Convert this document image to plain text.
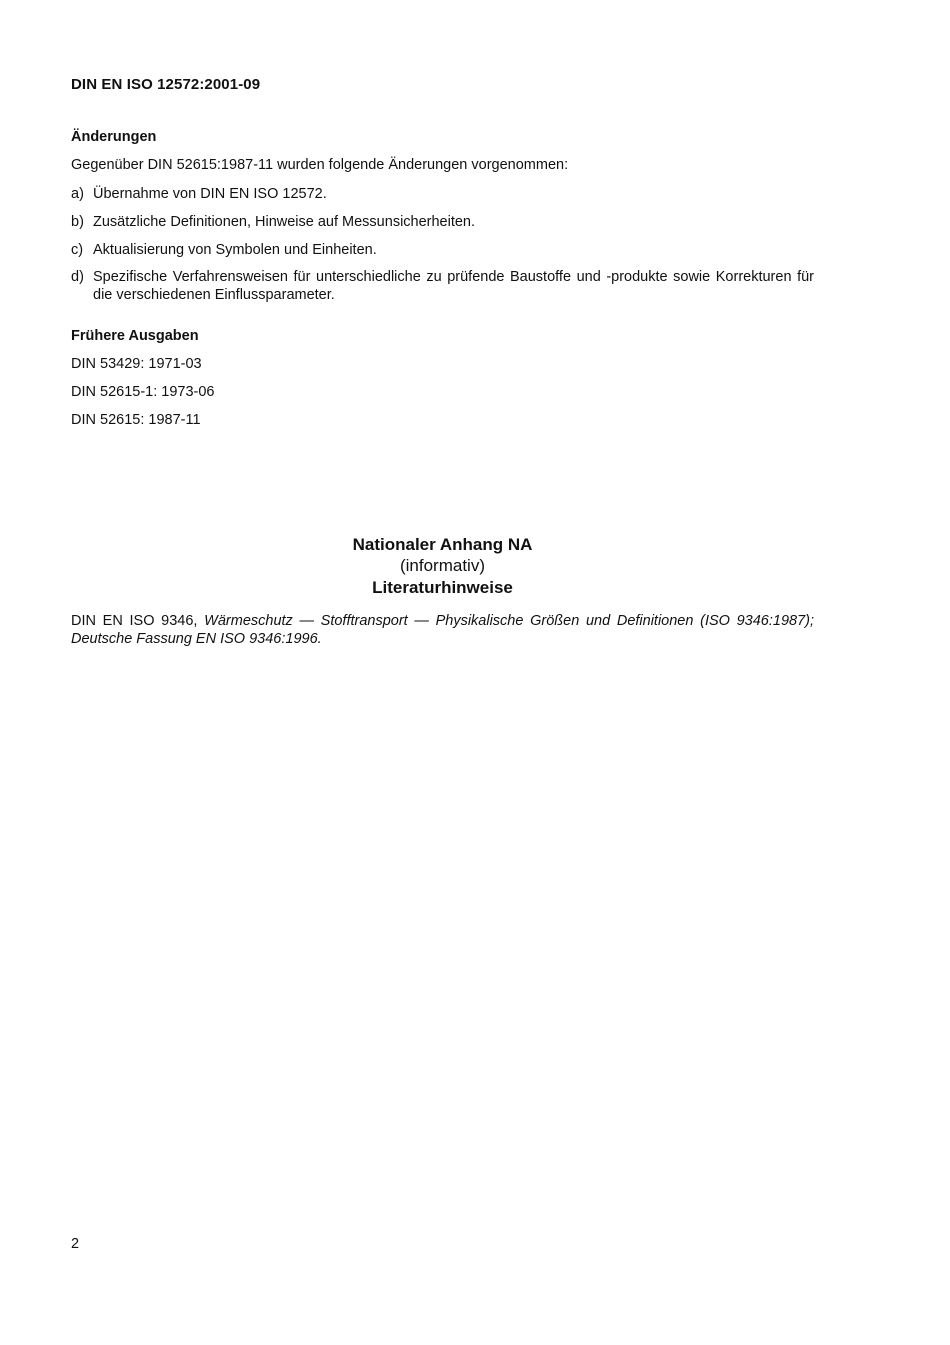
DIN EN ISO 12572:2001-09
Änderungen
Gegenüber DIN 52615:1987-11 wurden folgende Änderungen vorgenommen:
a) Übernahme von DIN EN ISO 12572.
b) Zusätzliche Definitionen, Hinweise auf Messunsicherheiten.
c) Aktualisierung von Symbolen und Einheiten.
d) Spezifische Verfahrensweisen für unterschiedliche zu prüfende Baustoffe und -produkte sowie Korrekturen für die verschiedenen Einflussparameter.
Frühere Ausgaben
DIN 53429: 1971-03
DIN 52615-1: 1973-06
DIN 52615: 1987-11
Nationaler Anhang NA
(informativ)
Literaturhinweise
DIN EN ISO 9346, Wärmeschutz — Stofftransport — Physikalische Größen und Definitionen (ISO 9346:1987); Deutsche Fassung EN ISO 9346:1996.
2
